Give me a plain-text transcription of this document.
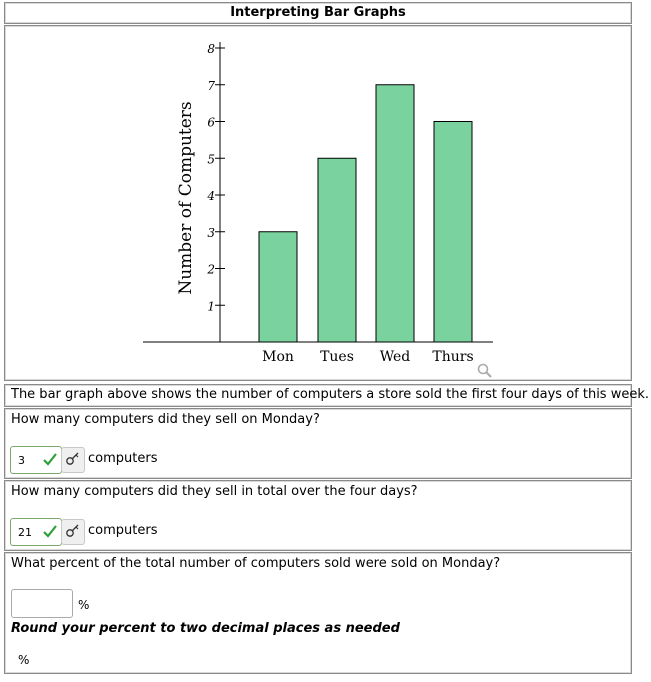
Interpreting Bar Graphs
Number of Computers
1
2
3
4
5
6
7
8
Mon Tues Wed Thurs
The bar graph above shows the number of computers a store sold the first four days of this week.
How many computers did they sell on Monday?
3	computers
How many computers did they sell in total over the four days?
21	computers
What percent of the total number of computers sold were sold on Monday?
%
Round your percent to two decimal places as needed
%
